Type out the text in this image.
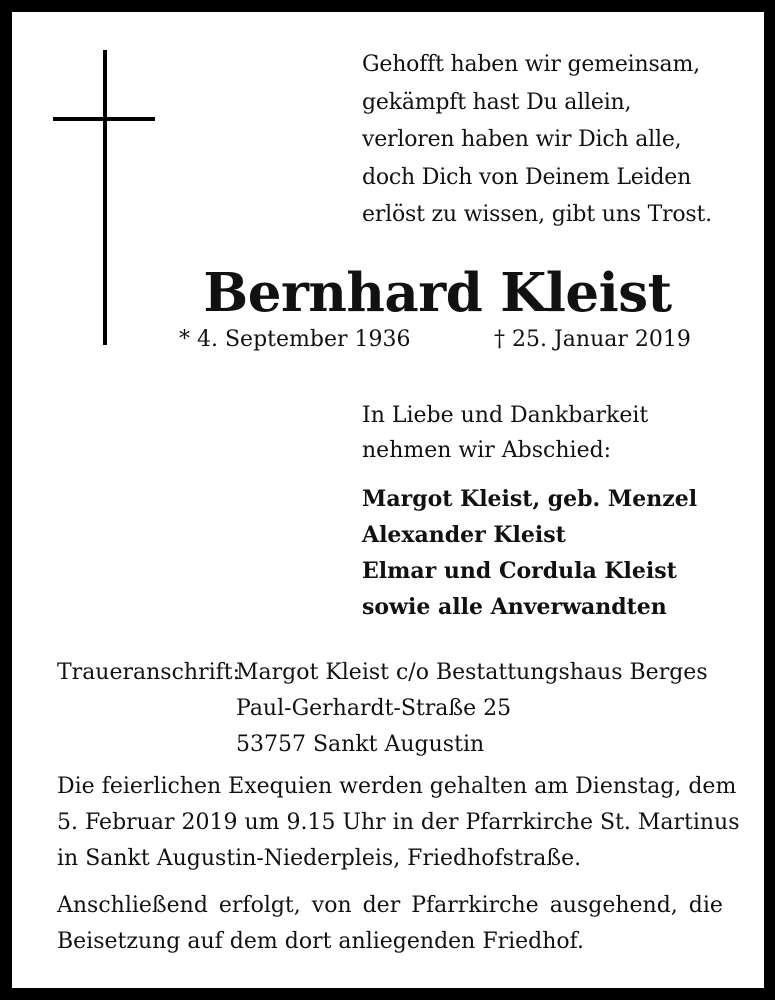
Gehofft haben wir gemeinsam,
gekämpft hast Du allein,
verloren haben wir Dich alle,
doch Dich von Deinem Leiden
erlöst zu wissen, gibt uns Trost.
Bernhard Kleist
* 4. September 1936	† 25. Januar 2019
In Liebe und Dankbarkeit
nehmen wir Abschied:
Margot Kleist, geb. Menzel
Alexander Kleist
Elmar und Cordula Kleist
sowie alle Anverwandten
Traueranschrift:
Margot Kleist c/o Bestattungshaus Berges
Paul-Gerhardt-Straße 25
53757 Sankt Augustin
Die feierlichen Exequien werden gehalten am Dienstag, dem
5. Februar 2019 um 9.15 Uhr in der Pfarrkirche St. Martinus
in Sankt Augustin-Niederpleis, Friedhofstraße.
Anschließend erfolgt, von der Pfarrkirche ausgehend, die
Beisetzung auf dem dort anliegenden Friedhof.
